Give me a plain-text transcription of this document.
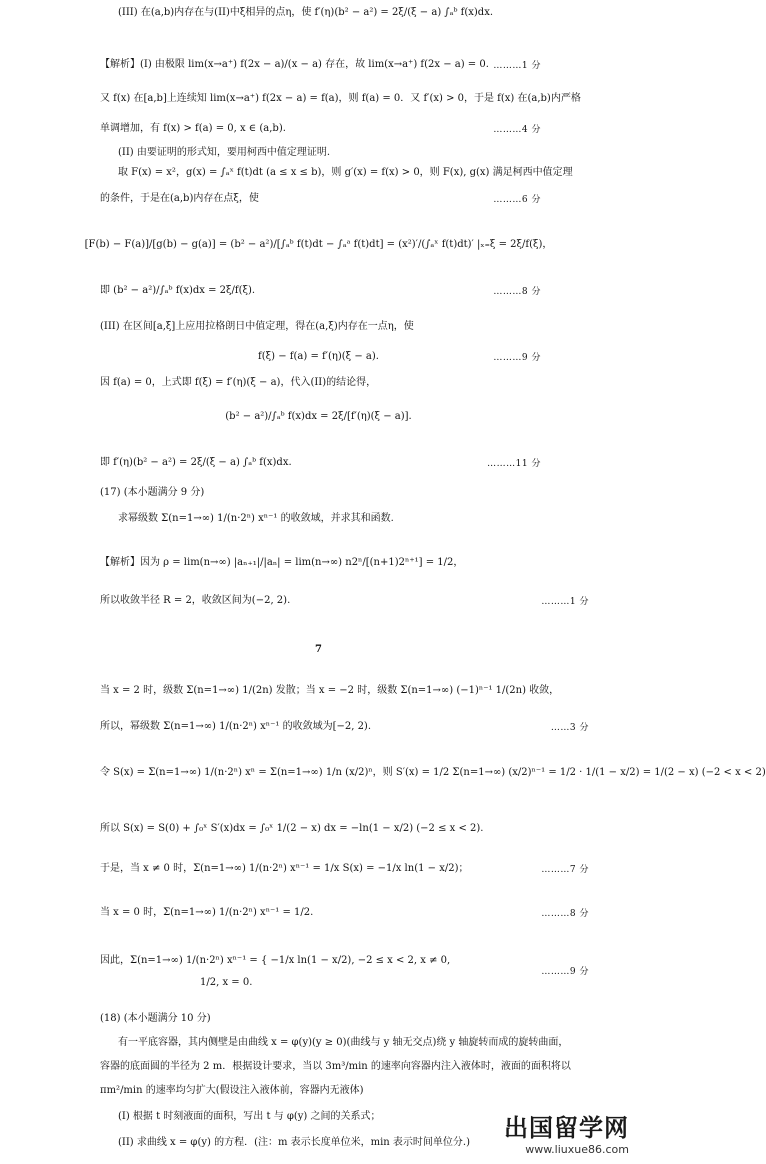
(III) 在(a,b)内存在与(II)中ξ相异的点η，使 f′(η)(b² − a²) = 2ξ/(ξ − a) ∫ₐᵇ f(x)dx.
【解析】(I) 由极限 lim(x→a⁺) f(2x − a)/(x − a) 存在，故 lim(x→a⁺) f(2x − a) = 0. ………1 分
又 f(x) 在[a,b]上连续知 lim(x→a⁺) f(2x − a) = f(a)，则 f(a) = 0．又 f′(x) > 0，于是 f(x) 在(a,b)内严格
单调增加，有 f(x) > f(a) = 0, x ∈ (a,b).	………4 分
(II) 由要证明的形式知，要用柯西中值定理证明.
取 F(x) = x²，g(x) = ∫ₐˣ f(t)dt (a ≤ x ≤ b)，则 g′(x) = f(x) > 0，则 F(x), g(x) 满足柯西中值定理
的条件，于是在(a,b)内存在点ξ，使	………6 分
[F(b) − F(a)]/[g(b) − g(a)] = (b² − a²)/[∫ₐᵇ f(t)dt − ∫ₐᵃ f(t)dt] = (x²)′/(∫ₐˣ f(t)dt)′ |ₓ₌ξ = 2ξ/f(ξ)，
即 (b² − a²)/∫ₐᵇ f(x)dx = 2ξ/f(ξ).	………8 分
(III) 在区间[a,ξ]上应用拉格朗日中值定理，得在(a,ξ)内存在一点η，使
f(ξ) − f(a) = f′(η)(ξ − a).	………9 分
因 f(a) = 0，上式即 f(ξ) = f′(η)(ξ − a)，代入(II)的结论得，
(b² − a²)/∫ₐᵇ f(x)dx = 2ξ/[f′(η)(ξ − a)].
即 f′(η)(b² − a²) = 2ξ/(ξ − a) ∫ₐᵇ f(x)dx.	………11 分
(17) (本小题满分 9 分)
求幂级数 Σ(n=1→∞) 1/(n·2ⁿ) xⁿ⁻¹ 的收敛域，并求其和函数.
【解析】因为 ρ = lim(n→∞) |aₙ₊₁|/|aₙ| = lim(n→∞) n2ⁿ/[(n+1)2ⁿ⁺¹] = 1/2，
所以收敛半径 R = 2，收敛区间为(−2, 2).	………1 分
7
当 x = 2 时，级数 Σ(n=1→∞) 1/(2n) 发散；当 x = −2 时，级数 Σ(n=1→∞) (−1)ⁿ⁻¹ 1/(2n) 收敛，
所以，幂级数 Σ(n=1→∞) 1/(n·2ⁿ) xⁿ⁻¹ 的收敛域为[−2, 2).	……3 分
令 S(x) = Σ(n=1→∞) 1/(n·2ⁿ) xⁿ = Σ(n=1→∞) 1/n (x/2)ⁿ，则 S′(x) = 1/2 Σ(n=1→∞) (x/2)ⁿ⁻¹ = 1/2 · 1/(1 − x/2) = 1/(2 − x) (−2 < x < 2)
所以 S(x) = S(0) + ∫₀ˣ S′(x)dx = ∫₀ˣ 1/(2 − x) dx = −ln(1 − x/2) (−2 ≤ x < 2).
于是，当 x ≠ 0 时，Σ(n=1→∞) 1/(n·2ⁿ) xⁿ⁻¹ = 1/x S(x) = −1/x ln(1 − x/2)；	………7 分
当 x = 0 时，Σ(n=1→∞) 1/(n·2ⁿ) xⁿ⁻¹ = 1/2.	………8 分
因此，Σ(n=1→∞) 1/(n·2ⁿ) xⁿ⁻¹ = { −1/x ln(1 − x/2), −2 ≤ x < 2, x ≠ 0,
………9 分
1/2, x = 0.
(18) (本小题满分 10 分)
有一平底容器，其内侧壁是由曲线 x = φ(y)(y ≥ 0)(曲线与 y 轴无交点)绕 y 轴旋转而成的旋转曲面，
容器的底面圆的半径为 2 m．根据设计要求，当以 3m³/min 的速率向容器内注入液体时，液面的面积将以
πm²/min 的速率均匀扩大(假设注入液体前，容器内无液体)
(I) 根据 t 时刻液面的面积，写出 t 与 φ(y) 之间的关系式；
(II) 求曲线 x = φ(y) 的方程．(注：m 表示长度单位米，min 表示时间单位分.)
出国留学网
www.liuxue86.com
